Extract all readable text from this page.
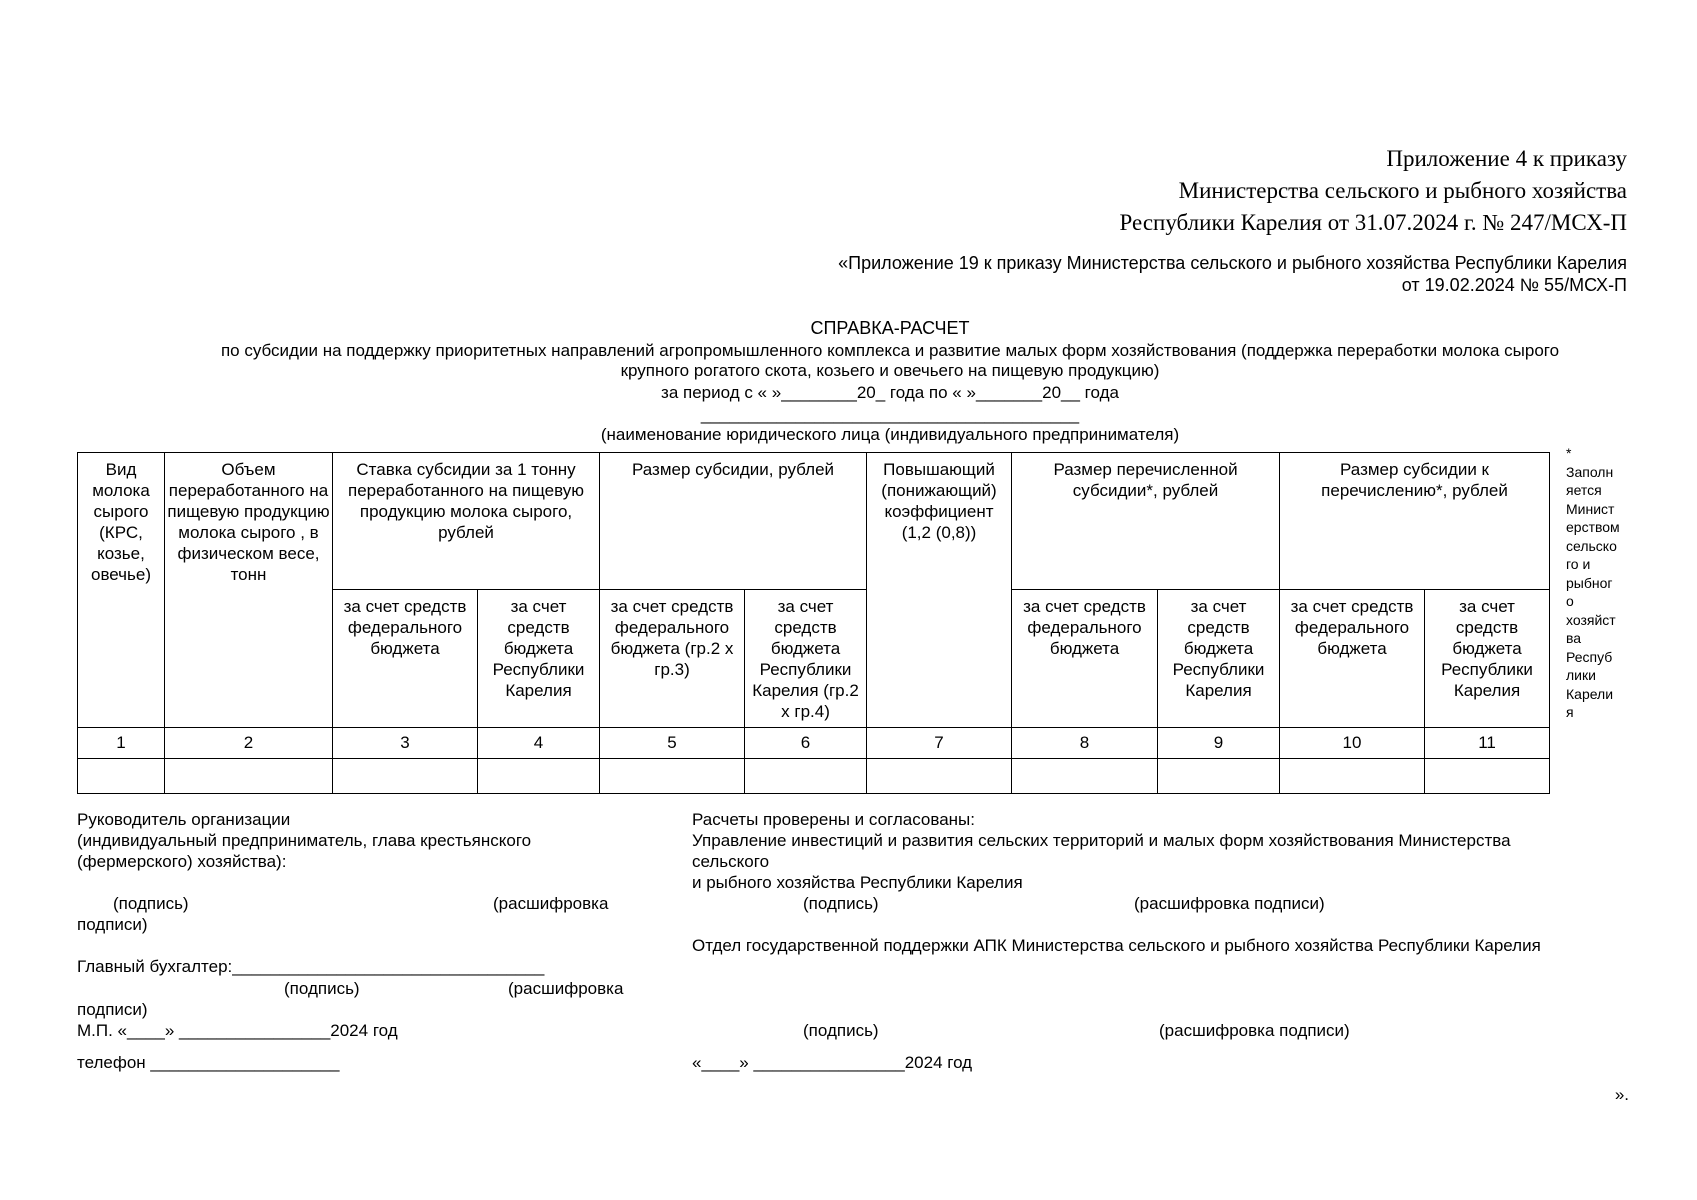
Приложение 4 к приказу
Министерства сельского и рыбного хозяйства
Республики Карелия от 31.07.2024 г. № 247/МСХ-П
«Приложение 19 к приказу Министерства сельского и рыбного хозяйства Республики Карелия
от 19.02.2024 № 55/МСХ-П
СПРАВКА-РАСЧЕТ
по субсидии на поддержку приоритетных направлений агропромышленного комплекса и развитие малых форм хозяйствования (поддержка переработки молока сырого
крупного рогатого скота, козьего и овечьего на пищевую продукцию)
за период с « »________20_ года по « »_______20__ года
________________________________________
(наименование юридического лица (индивидуального предпринимателя)
Вид молока сырого (КРС, козье, овечье)	Объем переработанного на пищевую продукцию молока сырого , в физическом весе, тонн	Ставка субсидии за 1 тонну переработанного на пищевую продукцию молока сырого, рублей		Размер субсидии, рублей		Повышающий (понижающий) коэффициент (1,2 (0,8))	Размер перечисленной субсидии*, рублей		Размер субсидии к перечислению*, рублей	
		за счет средств федерального бюджета	за счет средств бюджета Республики Карелия	за счет средств федерального бюджета (гр.2 х гр.3)	за счет средств бюджета Республики Карелия (гр.2 х гр.4)		за счет средств федерального бюджета	за счет средств бюджета Республики Карелия	за счет средств федерального бюджета	за счет средств бюджета Республики Карелия
1	2	3	4	5	6	7	8	9	10	11

*
Заполн
яется
Минист
ерством
сельско
го и
рыбног
о
хозяйст
ва
Респуб
лики
Карели
я
Руководитель организации
(индивидуальный предприниматель, глава крестьянского
(фермерского) хозяйства):
(подпись)	(расшифровка
подписи)
Главный бухгалтер:_________________________________
(подпись)	(расшифровка
подписи)
М.П. «____» ________________2024 год
телефон ____________________
Расчеты проверены и согласованы:
Управление инвестиций и развития сельских территорий и малых форм хозяйствования Министерства
сельского
и рыбного хозяйства Республики Карелия
(подпись)	(расшифровка подписи)
Отдел государственной поддержки АПК Министерства сельского и рыбного хозяйства Республики Карелия
(подпись)	(расшифровка подписи)
«____» ________________2024 год
».
